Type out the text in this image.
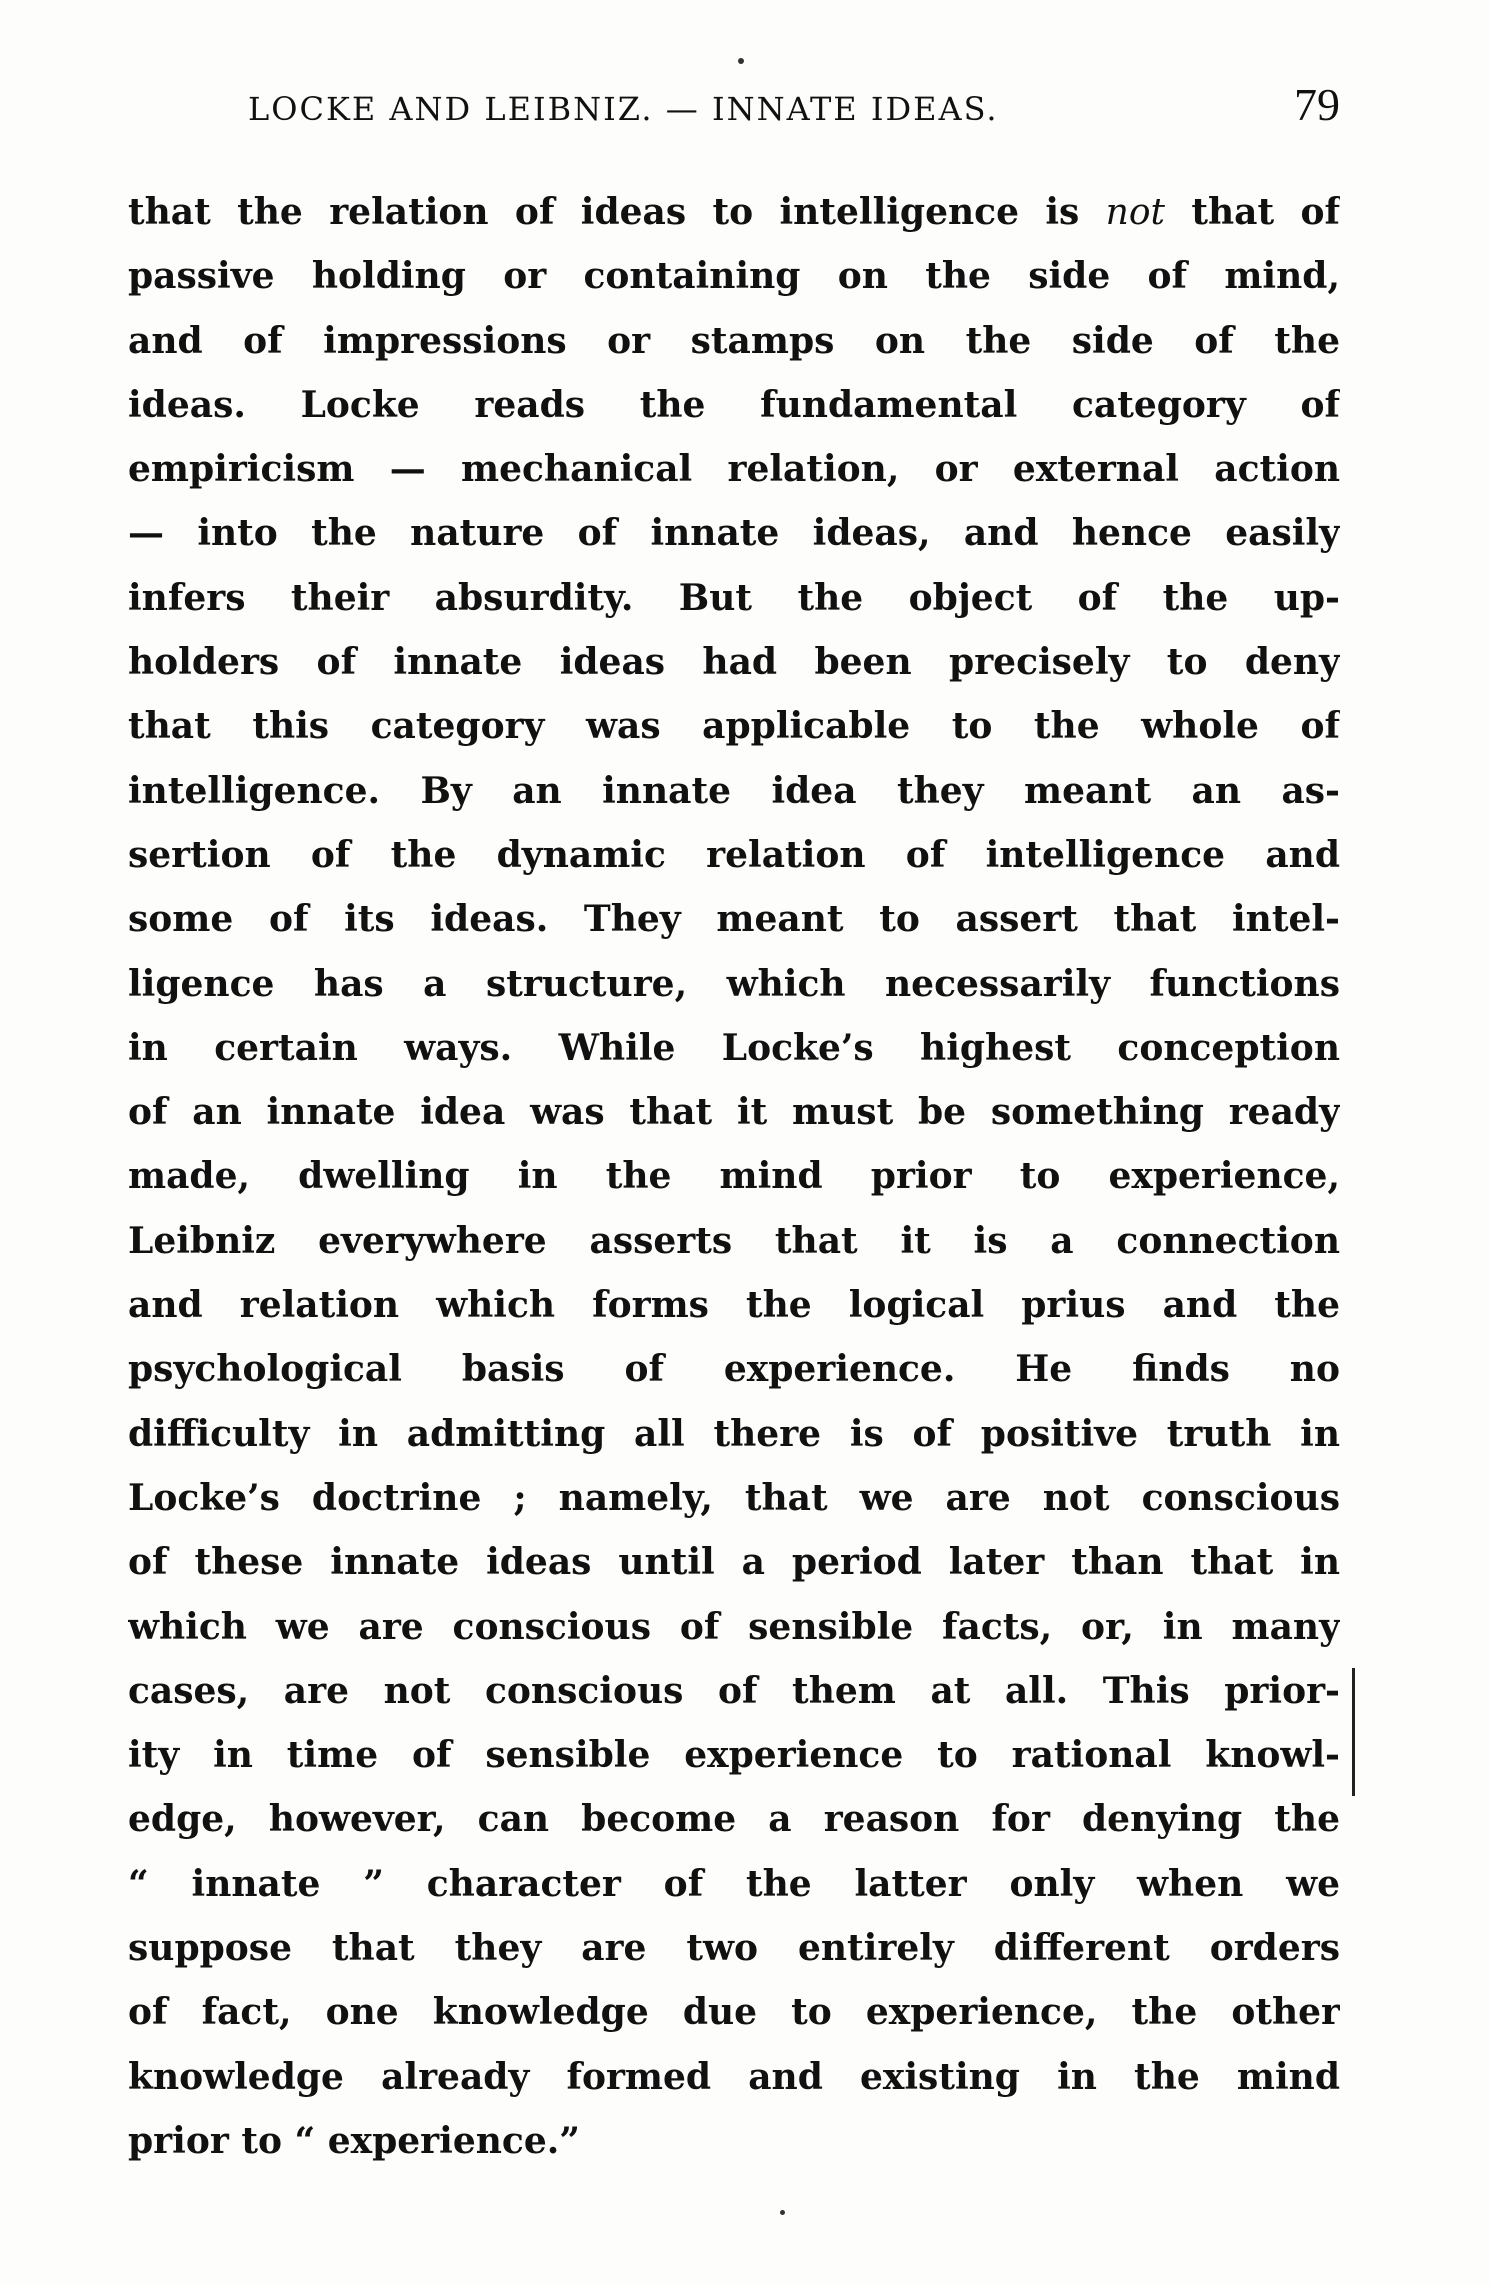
LOCKE AND LEIBNIZ. — INNATE IDEAS.	79
that the relation of ideas to intelligence is not that of
passive holding or containing on the side of mind,
and of impressions or stamps on the side of the
ideas. Locke reads the fundamental category of
empiricism — mechanical relation, or external action
— into the nature of innate ideas, and hence easily
infers their absurdity. But the object of the up-
holders of innate ideas had been precisely to deny
that this category was applicable to the whole of
intelligence. By an innate idea they meant an as-
sertion of the dynamic relation of intelligence and
some of its ideas. They meant to assert that intel-
ligence has a structure, which necessarily functions
in certain ways. While Locke’s highest conception
of an innate idea was that it must be something ready
made, dwelling in the mind prior to experience,
Leibniz everywhere asserts that it is a connection
and relation which forms the logical prius and the
psychological basis of experience. He finds no
difficulty in admitting all there is of positive truth in
Locke’s doctrine ; namely, that we are not conscious
of these innate ideas until a period later than that in
which we are conscious of sensible facts, or, in many
cases, are not conscious of them at all. This prior-
ity in time of sensible experience to rational knowl-
edge, however, can become a reason for denying the
“ innate ” character of the latter only when we
suppose that they are two entirely different orders
of fact, one knowledge due to experience, the other
knowledge already formed and existing in the mind
prior to “ experience.”
